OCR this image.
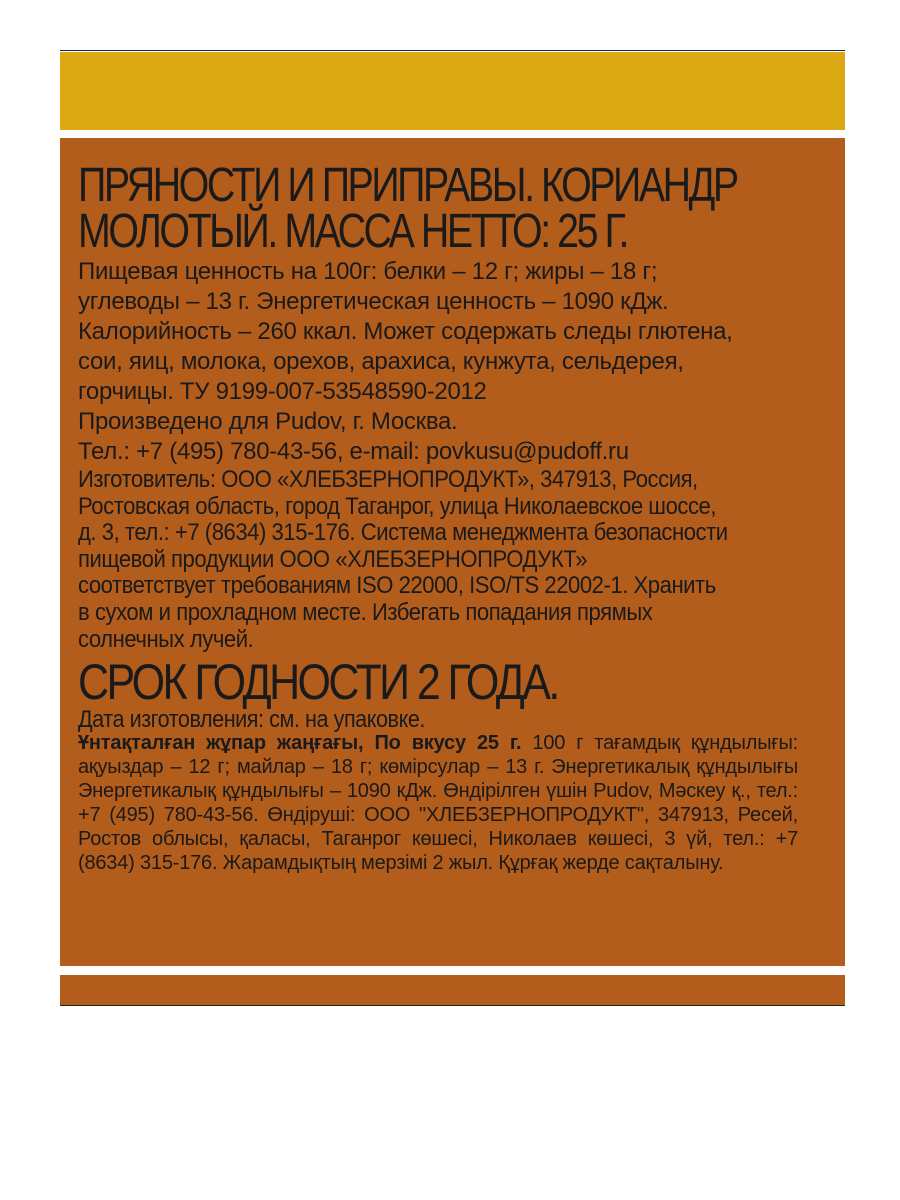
ПРЯНОСТИ И ПРИПРАВЫ. КОРИАНДР
МОЛОТЫЙ. МАССА НЕТТО: 25 Г.
Пищевая ценность на 100г: белки – 12 г; жиры – 18 г;
углеводы – 13 г. Энергетическая ценность – 1090 кДж.
Калорийность – 260 ккал. Может содержать следы глютена,
сои, яиц, молока, орехов, арахиса, кунжута, сельдерея,
горчицы. ТУ 9199-007-53548590-2012
Произведено для Pudov, г. Москва.
Тел.: +7 (495) 780-43-56, e-mail: povkusu@pudoff.ru
Изготовитель: ООО «ХЛЕБЗЕРНОПРОДУКТ», 347913, Россия,
Ростовская область, город Таганрог, улица Николаевское шоссе,
д. 3, тел.: +7 (8634) 315-176. Система менеджмента безопасности
пищевой продукции ООО «ХЛЕБЗЕРНОПРОДУКТ»
соответствует требованиям ISO 22000, ISO/TS 22002-1. Хранить
в сухом и прохладном месте. Избегать попадания прямых
солнечных лучей.
СРОК ГОДНОСТИ 2 ГОДА.
Дата изготовления: см. на упаковке.
Ұнтақталған жұпар жаңғағы, По вкусу 25 г. 100 г тағамдық құндылығы: ақуыздар – 12 г; майлар – 18 г; көмірсулар – 13 г. Энергетикалық құндылығы Энергетикалық құндылығы – 1090 кДж. Өндірілген үшін Pudov, Мәскеу қ., тел.: +7 (495) 780-43-56. Өндіруші: ООО "ХЛЕБЗЕРНОПРОДУКТ", 347913, Ресей, Ростов облысы, қаласы, Таганрог көшесі, Николаев көшесі, 3 үй, тел.: +7 (8634) 315-176. Жарамдықтың мерзімі 2 жыл. Құрғақ жерде сақталыну.
